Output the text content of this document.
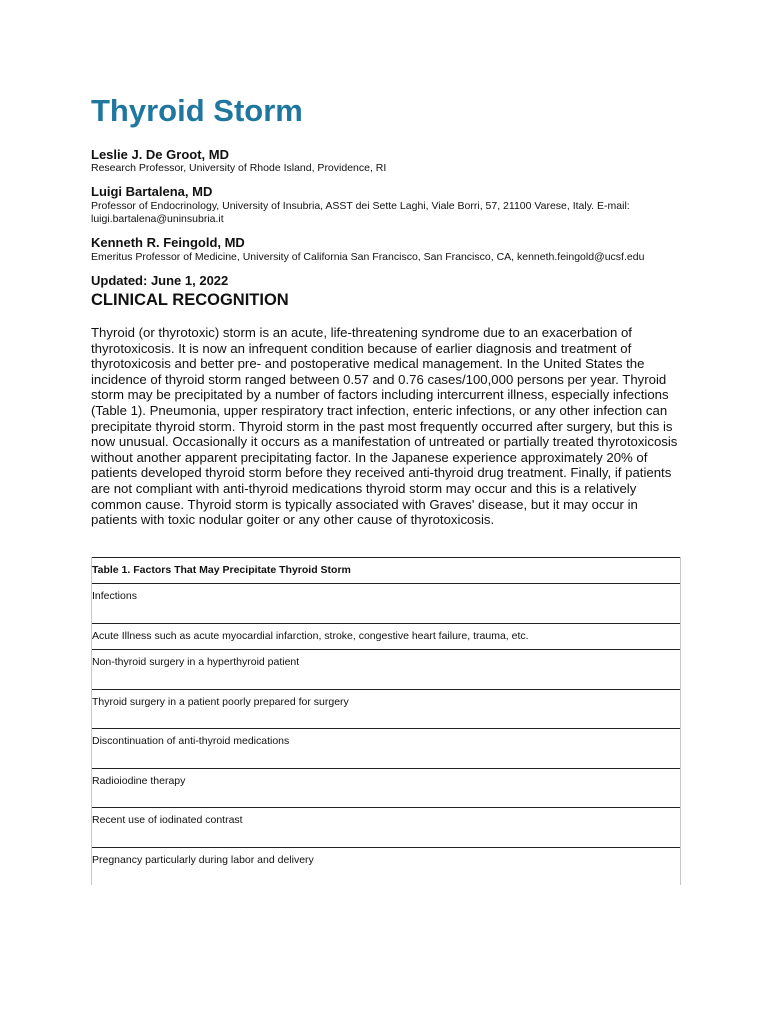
Thyroid Storm

Leslie J. De Groot, MD

Research Professor, University of Rhode Island, Providence, RI

Luigi Bartalena, MD

Professor of Endocrinology, University of Insubria, ASST dei Sette Laghi, Viale Borri, 57, 21100 Varese, Italy. E-mail: luigi.bartalena@uninsubria.it

Kenneth R. Feingold, MD

Emeritus Professor of Medicine, University of California San Francisco, San Francisco, CA, kenneth.feingold@ucsf.edu

Updated: June 1, 2022

CLINICAL RECOGNITION

Thyroid (or thyrotoxic) storm is an acute, life-threatening syndrome due to an exacerbation of thyrotoxicosis. It is now an infrequent condition because of earlier diagnosis and treatment of thyrotoxicosis and better pre- and postoperative medical management. In the United States the incidence of thyroid storm ranged between 0.57 and 0.76 cases/100,000 persons per year. Thyroid storm may be precipitated by a number of factors including intercurrent illness, especially infections (Table 1). Pneumonia, upper respiratory tract infection, enteric infections, or any other infection can precipitate thyroid storm. Thyroid storm in the past most frequently occurred after surgery, but this is now unusual. Occasionally it occurs as a manifestation of untreated or partially treated thyrotoxicosis without another apparent precipitating factor. In the Japanese experience approximately 20% of patients developed thyroid storm before they received anti-thyroid drug treatment. Finally, if patients are not compliant with anti-thyroid medications thyroid storm may occur and this is a relatively common cause. Thyroid storm is typically associated with Graves' disease, but it may occur in patients with toxic nodular goiter or any other cause of thyrotoxicosis.

Table 1. Factors That May Precipitate Thyroid Storm
Infections
Acute Illness such as acute myocardial infarction, stroke, congestive heart failure, trauma, etc.
Non-thyroid surgery in a hyperthyroid patient
Thyroid surgery in a patient poorly prepared for surgery
Discontinuation of anti-thyroid medications
Radioiodine therapy
Recent use of iodinated contrast
Pregnancy particularly during labor and delivery
